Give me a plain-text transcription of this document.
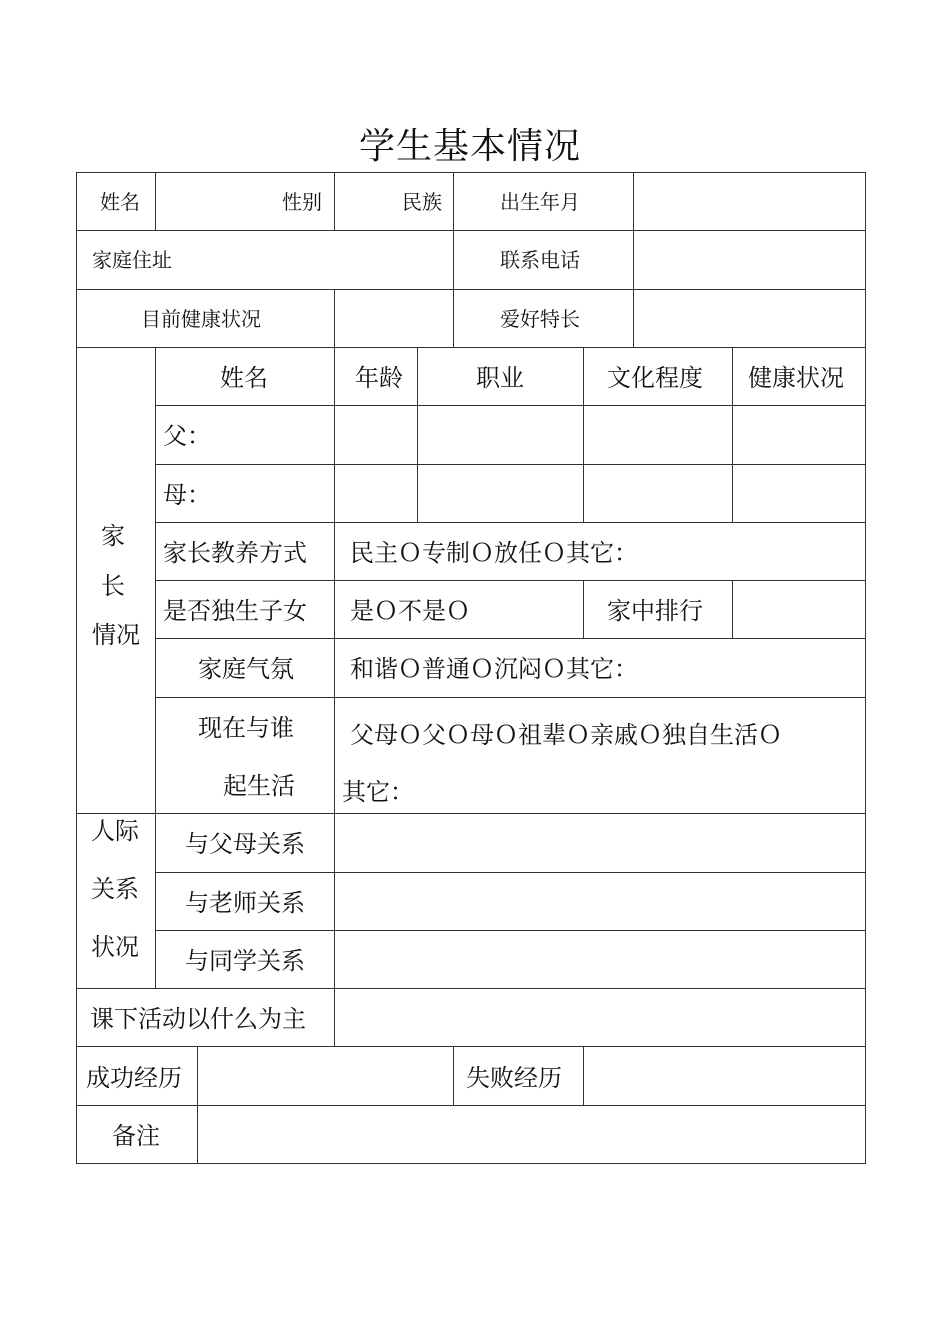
学生基本情况
姓名	性别	民族	出生年月
家庭住址	联系电话
目前健康状况	爱好特长
家
长
情况
姓名	年龄	职业	文化程度 健康状况
父：
母：
家长教养方式 民主Ｏ专制Ｏ放任Ｏ其它：
是否独生子女 是Ｏ不是Ｏ	家中排行
家庭气氛 和谐Ｏ普通Ｏ沉闷Ｏ其它：
现在与谁
起生活
父母Ｏ父Ｏ母Ｏ祖辈Ｏ亲戚Ｏ独自生活Ｏ
其它：
人际
关系
状况
与父母关系
与老师关系
与同学关系
课下活动以什么为主
成功经历	失败经历
备注
